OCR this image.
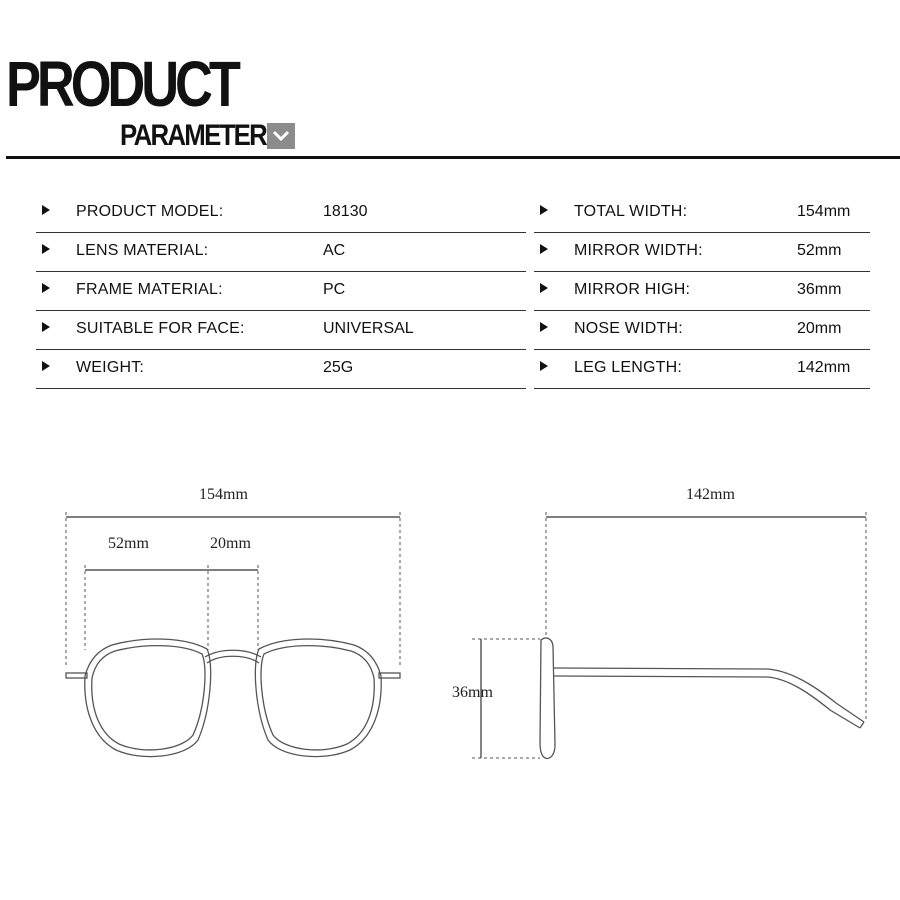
PRODUCT
PARAMETER
PRODUCT MODEL:	18130
LENS MATERIAL:	AC
FRAME MATERIAL:	PC
SUITABLE FOR FACE:	UNIVERSAL
WEIGHT:	25G
TOTAL WIDTH:	154mm
MIRROR WIDTH:	52mm
MIRROR HIGH:	36mm
NOSE WIDTH:	20mm
LEG LENGTH:	142mm
154mm
52mm	20mm
142mm
36mm
